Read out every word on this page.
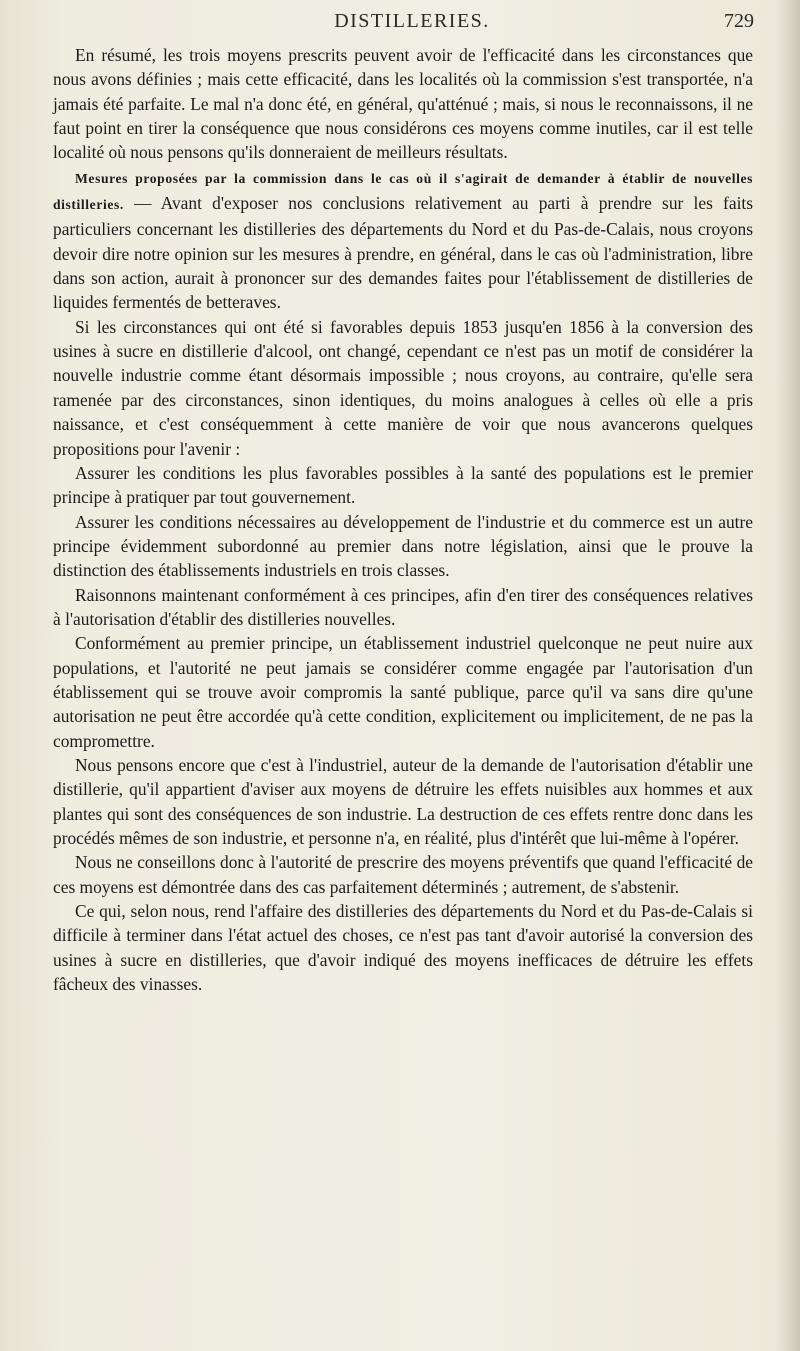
DISTILLERIES.	729

En résumé, les trois moyens prescrits peuvent avoir de l'efficacité dans les circonstances que nous avons définies ; mais cette efficacité, dans les localités où la commission s'est transportée, n'a jamais été parfaite. Le mal n'a donc été, en général, qu'atténué ; mais, si nous le reconnaissons, il ne faut point en tirer la conséquence que nous considérons ces moyens comme inutiles, car il est telle localité où nous pensons qu'ils donneraient de meilleurs résultats.

Mesures proposées par la commission dans le cas où il s'agirait de demander à établir de nouvelles distilleries. — Avant d'exposer nos conclusions relativement au parti à prendre sur les faits particuliers concernant les distilleries des départements du Nord et du Pas-de-Calais, nous croyons devoir dire notre opinion sur les mesures à prendre, en général, dans le cas où l'administration, libre dans son action, aurait à prononcer sur des demandes faites pour l'établissement de distilleries de liquides fermentés de betteraves.

Si les circonstances qui ont été si favorables depuis 1853 jusqu'en 1856 à la conversion des usines à sucre en distillerie d'alcool, ont changé, cependant ce n'est pas un motif de considérer la nouvelle industrie comme étant désormais impossible ; nous croyons, au contraire, qu'elle sera ramenée par des circonstances, sinon identiques, du moins analogues à celles où elle a pris naissance, et c'est conséquemment à cette manière de voir que nous avancerons quelques propositions pour l'avenir :

Assurer les conditions les plus favorables possibles à la santé des populations est le premier principe à pratiquer par tout gouvernement.

Assurer les conditions nécessaires au développement de l'industrie et du commerce est un autre principe évidemment subordonné au premier dans notre législation, ainsi que le prouve la distinction des établissements industriels en trois classes.

Raisonnons maintenant conformément à ces principes, afin d'en tirer des conséquences relatives à l'autorisation d'établir des distilleries nouvelles.

Conformément au premier principe, un établissement industriel quelconque ne peut nuire aux populations, et l'autorité ne peut jamais se considérer comme engagée par l'autorisation d'un établissement qui se trouve avoir compromis la santé publique, parce qu'il va sans dire qu'une autorisation ne peut être accordée qu'à cette condition, explicitement ou implicitement, de ne pas la compromettre.

Nous pensons encore que c'est à l'industriel, auteur de la demande de l'autorisation d'établir une distillerie, qu'il appartient d'aviser aux moyens de détruire les effets nuisibles aux hommes et aux plantes qui sont des conséquences de son industrie. La destruction de ces effets rentre donc dans les procédés mêmes de son industrie, et personne n'a, en réalité, plus d'intérêt que lui-même à l'opérer.

Nous ne conseillons donc à l'autorité de prescrire des moyens préventifs que quand l'efficacité de ces moyens est démontrée dans des cas parfaitement déterminés ; autrement, de s'abstenir.

Ce qui, selon nous, rend l'affaire des distilleries des départements du Nord et du Pas-de-Calais si difficile à terminer dans l'état actuel des choses, ce n'est pas tant d'avoir autorisé la conversion des usines à sucre en distilleries, que d'avoir indiqué des moyens inefficaces de détruire les effets fâcheux des vinasses.
